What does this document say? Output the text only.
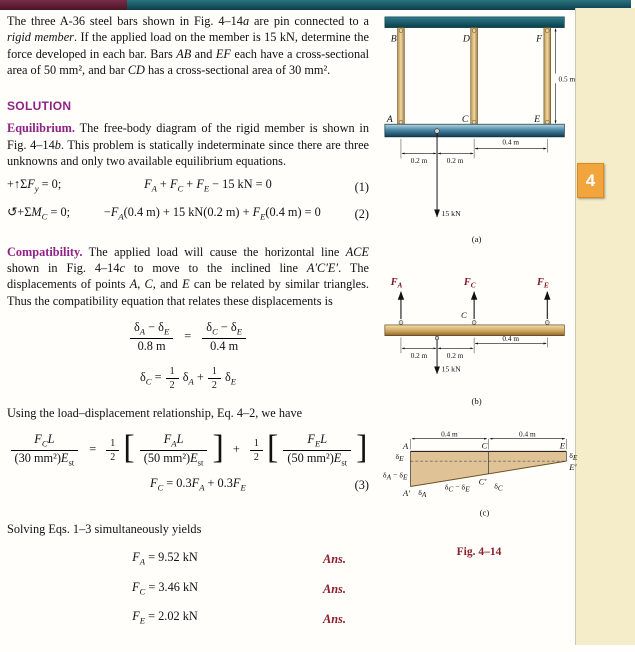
4

The three A-36 steel bars shown in Fig. 4–14a are pin connected to a rigid member. If the applied load on the member is 15 kN, determine the force developed in each bar. Bars AB and EF each have a cross-sectional area of 50 mm², and bar CD has a cross-sectional area of 30 mm².

SOLUTION

Equilibrium. The free-body diagram of the rigid member is shown in Fig. 4–14b. This problem is statically indeterminate since there are three unknowns and only two available equilibrium equations.

$+↑\Sigma F_y = 0$;	$F_A + F_C + F_E - 15$ kN = 0	(1)
$↺+\Sigma M_C = 0$;	$-F_A(0.4$ m) + 15 kN(0.2 $m) + F_E(0.4$ m) = 0	(2)

Compatibility. The applied load will cause the horizontal line ACE shown in Fig. 4–14c to move to the inclined line A′C′E′. The displacements of points A, C, and E can be related by similar triangles. Thus the compatibility equation that relates these displacements is

$\frac{\delta_A - \delta_E}{0.8 m} = \frac{\delta_C - \delta_E}{0.4 m}$
$\delta_C = \frac{1}{2} \delta_A + \frac{1}{2} \delta_E$

Using the load–displacement relationship, Eq. 4–2, we have

$\frac{F_CL}{(30 mm^2)E_{st}} = \frac{1}{2}$ [ $\frac{F_AL}{(50 mm^2)E_{st}}$ ] + $\frac{1}{2}$ [ $\frac{F_EL}{(50 mm^2)E_{st}}$ ]
$F_C = 0.3F_A + 0.3F_E$	(3)

Solving Eqs. 1–3 simultaneously yields

$F_A = 9.52$ kN	Ans.
$F_C = 3.46$ kN	Ans.
$F_E = 2.02$ kN	Ans.
B	D	F
0.5 m
A	C	E
0.2 m	0.2 m
0.4 m
15 kN
(a)
FA	FC	FE
C
0.2 m	0.2 m
0.4 m
15 kN
(b)
0.4 m	0.4 m
A	C	E
δE
δA − δE
A′ δA
δC − δE
C′ δC
δE
E′
(c)
Fig. 4–14
